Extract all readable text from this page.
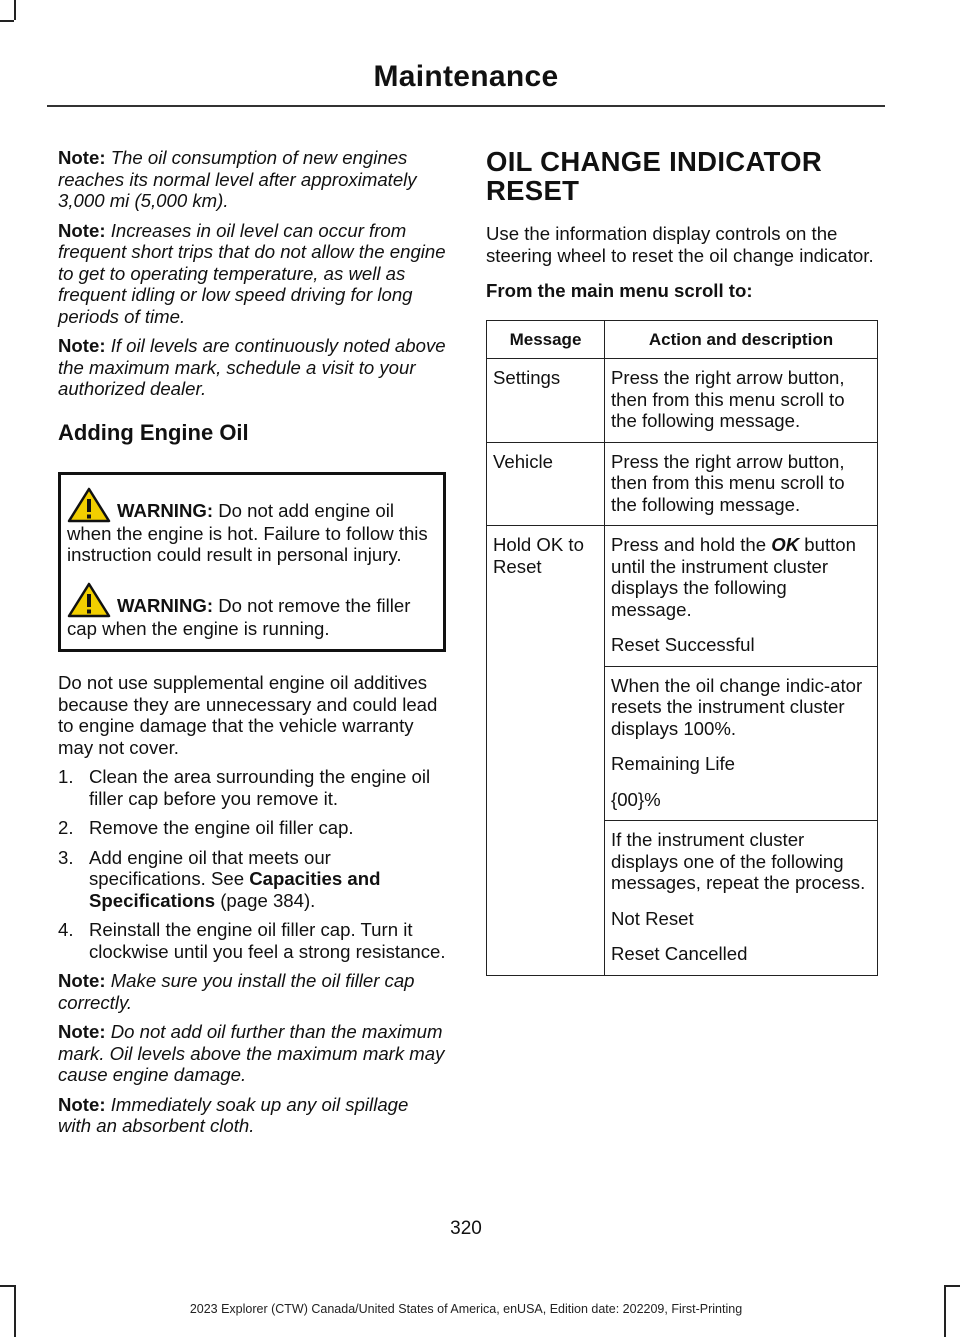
Maintenance

Note: The oil consumption of new engines reaches its normal level after approximately 3,000 mi (5,000 km).

Note: Increases in oil level can occur from frequent short trips that do not allow the engine to get to operating temperature, as well as frequent idling or low speed driving for long periods of time.

Note: If oil levels are continuously noted above the maximum mark, schedule a visit to your authorized dealer.

Adding Engine Oil

WARNING: Do not add engine oil when the engine is hot. Failure to follow this instruction could result in personal injury.

WARNING: Do not remove the filler cap when the engine is running.

Do not use supplemental engine oil additives because they are unnecessary and could lead to engine damage that the vehicle warranty may not cover.

1. Clean the area surrounding the engine oil filler cap before you remove it.
2. Remove the engine oil filler cap.
3. Add engine oil that meets our specifications. See Capacities and Specifications (page 384).
4. Reinstall the engine oil filler cap. Turn it clockwise until you feel a strong resistance.

Note: Make sure you install the oil filler cap correctly.

Note: Do not add oil further than the maximum mark. Oil levels above the maximum mark may cause engine damage.

Note: Immediately soak up any oil spillage with an absorbent cloth.

OIL CHANGE INDICATOR
RESET

Use the information display controls on the steering wheel to reset the oil change indicator.

From the main menu scroll to:

Message	Action and description
Settings	Press the right arrow button, then from this menu scroll to the following message.

Vehicle	Press the right arrow button, then from this menu scroll to the following message.

Hold OK to Reset	Press and hold the OK button until the instrument cluster displays the following message.

Reset Successful

	When the oil change indic-ator resets the instrument cluster displays 100%.

Remaining Life

{00}%

	If the instrument cluster displays one of the following messages, repeat the process.

Not Reset

Reset Cancelled

320
2023 Explorer (CTW) Canada/United States of America, enUSA, Edition date: 202209, First-Printing
